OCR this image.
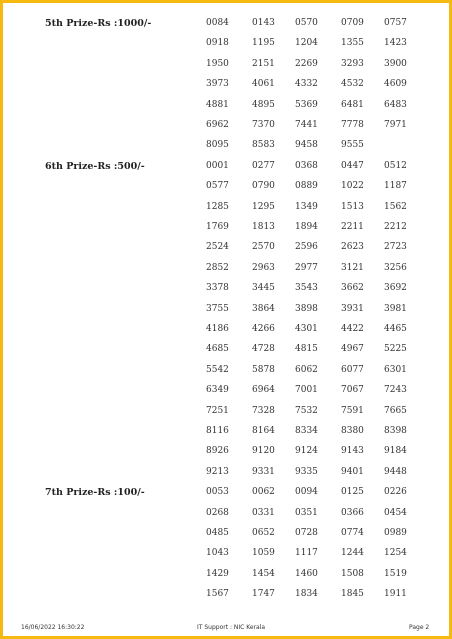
16/06/2022 16:30:22	IT Support : NIC Kerala	Page 2
5th Prize-Rs :1000/-	0084	0143 0570	0709 0757
0918	1195 1204	1355 1423
1950	2151 2269	3293 3900
3973	4061 4332	4532 4609
4881	4895 5369	6481 6483
6962	7370 7441	7778 7971
8095	8583 9458	9555
6th Prize-Rs :500/-	0001	0277 0368	0447 0512
0577	0790 0889	1022 1187
1285	1295 1349	1513 1562
1769	1813 1894	2211 2212
2524	2570 2596	2623 2723
2852	2963 2977	3121 3256
3378	3445 3543	3662 3692
3755	3864 3898	3931 3981
4186	4266 4301	4422 4465
4685	4728 4815	4967 5225
5542	5878 6062	6077 6301
6349	6964 7001	7067 7243
7251	7328 7532	7591 7665
8116	8164 8334	8380 8398
8926	9120 9124	9143 9184
9213	9331 9335	9401 9448
7th Prize-Rs :100/-	0053	0062 0094	0125 0226
0268	0331 0351	0366 0454
0485	0652 0728	0774 0989
1043	1059 1117	1244 1254
1429	1454 1460	1508 1519
1567	1747 1834	1845 1911
